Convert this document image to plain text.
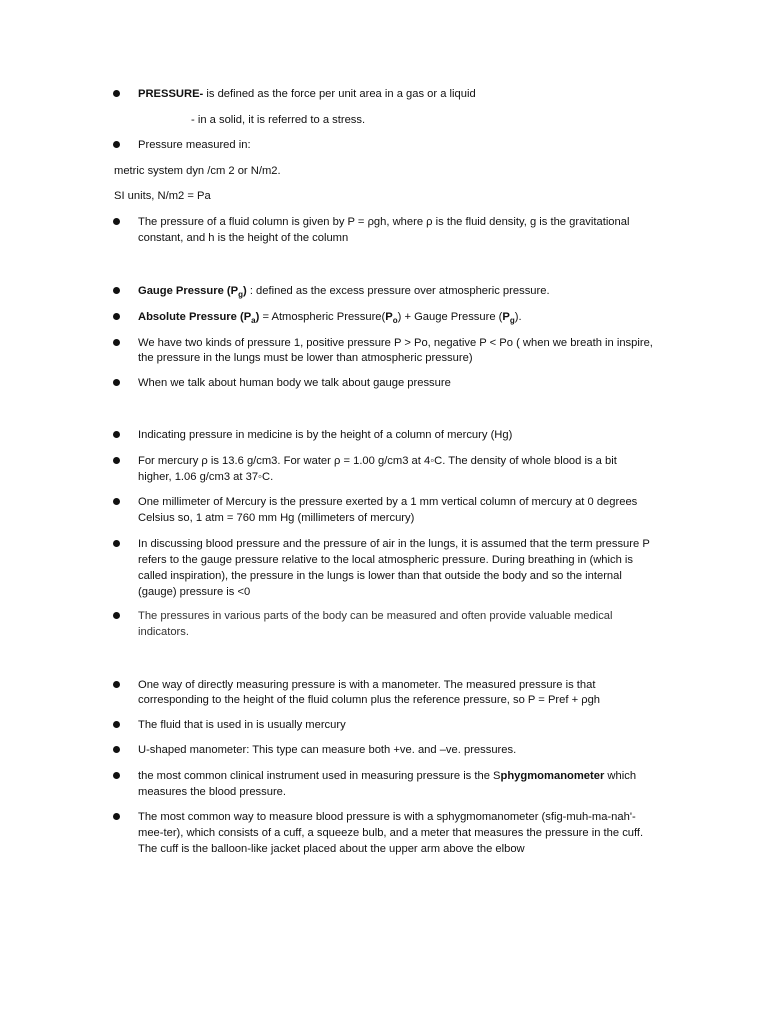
PRESSURE- is defined as the force per unit area in a gas or a liquid
- in a solid, it is referred to a stress.
Pressure measured in:
metric system dyn /cm 2 or N/m2.
SI units, N/m2 = Pa
The pressure of a fluid column is given by P = ρgh, where ρ is the fluid density, g is the gravitational
constant, and h is the height of the column
Gauge Pressure $(P_g)$ : defined as the excess pressure over atmospheric pressure.
Absolute Pressure $(P_a)$ = Atmospheric $Pressure(P_o)$ + Gauge Pressure $(P_g)$.
We have two kinds of pressure 1, positive pressure P > Po, negative P < Po ( when we breath in inspire,
the pressure in the lungs must be lower than atmospheric pressure)
When we talk about human body we talk about gauge pressure
Indicating pressure in medicine is by the height of a column of mercury (Hg)
For mercury ρ is 13.6 g/cm3. For water ρ = 1.00 g/cm3 at 4◦C. The density of whole blood is a bit
higher, 1.06 g/cm3 at 37◦C.
One millimeter of Mercury is the pressure exerted by a 1 mm vertical column of mercury at 0 degrees
Celsius so, 1 atm = 760 mm Hg (millimeters of mercury)
In discussing blood pressure and the pressure of air in the lungs, it is assumed that the term pressure P
refers to the gauge pressure relative to the local atmospheric pressure. During breathing in (which is
called inspiration), the pressure in the lungs is lower than that outside the body and so the internal
(gauge) pressure is <0
The pressures in various parts of the body can be measured and often provide valuable medical
indicators.
One way of directly measuring pressure is with a manometer. The measured pressure is that
corresponding to the height of the fluid column plus the reference pressure, so P = Pref + ρgh
The fluid that is used in is usually mercury
U-shaped manometer: This type can measure both +ve. and –ve. pressures.
the most common clinical instrument used in measuring pressure is the Sphygmomanometer which
measures the blood pressure.
The most common way to measure blood pressure is with a sphygmomanometer (sfig-muh-ma-nah'-
mee-ter), which consists of a cuff, a squeeze bulb, and a meter that measures the pressure in the cuff.
The cuff is the balloon-like jacket placed about the upper arm above the elbow
